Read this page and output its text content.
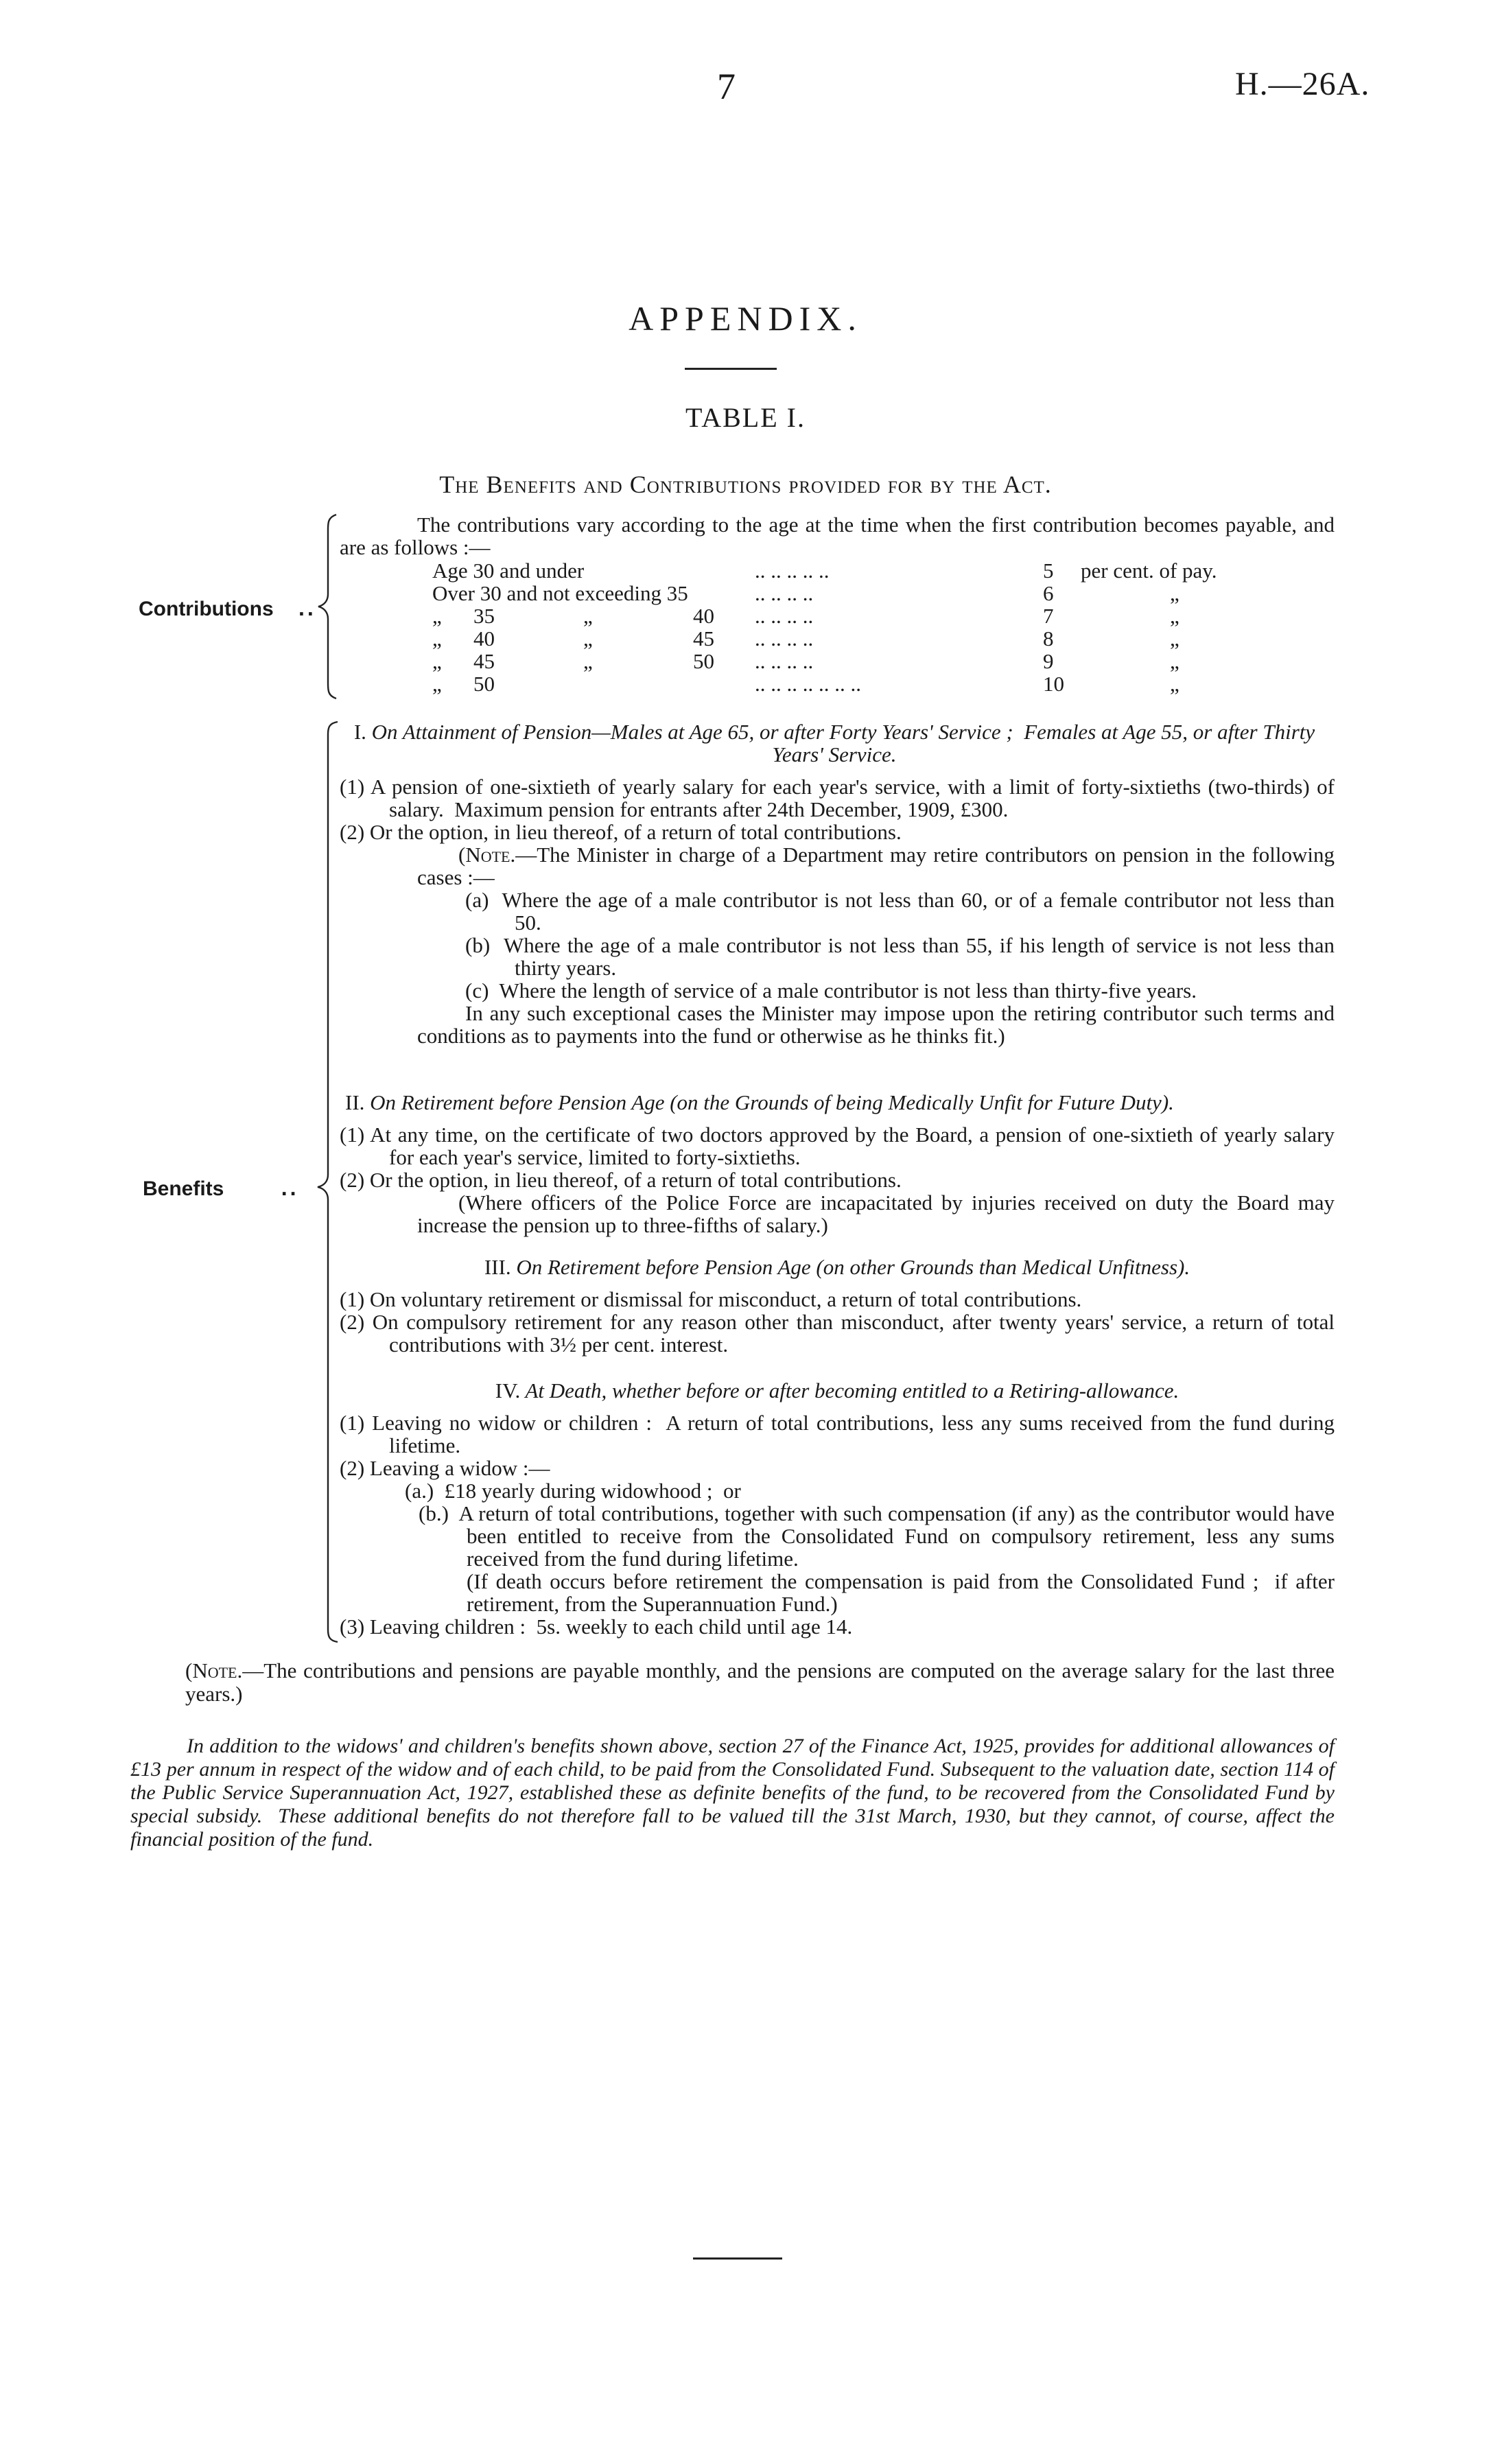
7	H.—26A.
APPENDIX.
TABLE I.
The Benefits and Contributions provided for by the Act.
Contributions ..

The contributions vary according to the age at the time when the first contribution becomes payable, and are as follows :—

Age 30 and under				.. .. .. .. ..	5	per cent. of pay.
Over 30 and not exceeding 35				.. .. .. ..	6	„
„	35	„	40	.. .. .. ..	7	„
„	40	„	45	.. .. .. ..	8	„
„	45	„	50	.. .. .. ..	9	„
„	50			.. .. .. .. .. .. ..	10	„
Benefits	..

I. On Attainment of Pension—Males at Age 65, or after Forty Years' Service ;  Females at Age 55, or after Thirty Years' Service.

(1) A pension of one-sixtieth of yearly salary for each year's service, with a limit of forty-sixtieths (two-thirds) of salary.  Maximum pension for entrants after 24th December, 1909, £300.

(2) Or the option, in lieu thereof, of a return of total contributions.

(Note.—The Minister in charge of a Department may retire contributors on pension in the following cases :—

(a)  Where the age of a male contributor is not less than 60, or of a female contributor not less than 50.

(b)  Where the age of a male contributor is not less than 55, if his length of service is not less than thirty years.

(c)  Where the length of service of a male contributor is not less than thirty-five years.

In any such exceptional cases the Minister may impose upon the retiring contributor such terms and conditions as to payments into the fund or otherwise as he thinks fit.)

II. On Retirement before Pension Age (on the Grounds of being Medically Unfit for Future Duty).

(1) At any time, on the certificate of two doctors approved by the Board, a pension of one-sixtieth of yearly salary for each year's service, limited to forty-sixtieths.

(2) Or the option, in lieu thereof, of a return of total contributions.

(Where officers of the Police Force are incapacitated by injuries received on duty the Board may increase the pension up to three-fifths of salary.)

III. On Retirement before Pension Age (on other Grounds than Medical Unfitness).

(1) On voluntary retirement or dismissal for misconduct, a return of total contributions.

(2) On compulsory retirement for any reason other than misconduct, after twenty years' service, a return of total contributions with 3½ per cent. interest.

IV. At Death, whether before or after becoming entitled to a Retiring-allowance.

(1) Leaving no widow or children :  A return of total contributions, less any sums received from the fund during lifetime.

(2) Leaving a widow :—

(a.)  £18 yearly during widowhood ;  or

(b.)  A return of total contributions, together with such compensation (if any) as the contributor would have been entitled to receive from the Consolidated Fund on compulsory retirement, less any sums received from the fund during lifetime.

(If death occurs before retirement the compensation is paid from the Consolidated Fund ;  if after retirement, from the Superannuation Fund.)

(3) Leaving children :  5s. weekly to each child until age 14.

(Note.—The contributions and pensions are payable monthly, and the pensions are computed on the average salary for the last three years.)

In addition to the widows' and children's benefits shown above, section 27 of the Finance Act, 1925, provides for additional allowances of £13 per annum in respect of the widow and of each child, to be paid from the Consolidated Fund. Subsequent to the valuation date, section 114 of the Public Service Superannuation Act, 1927, established these as definite benefits of the fund, to be recovered from the Consolidated Fund by special subsidy.  These additional benefits do not therefore fall to be valued till the 31st March, 1930, but they cannot, of course, affect the financial position of the fund.
